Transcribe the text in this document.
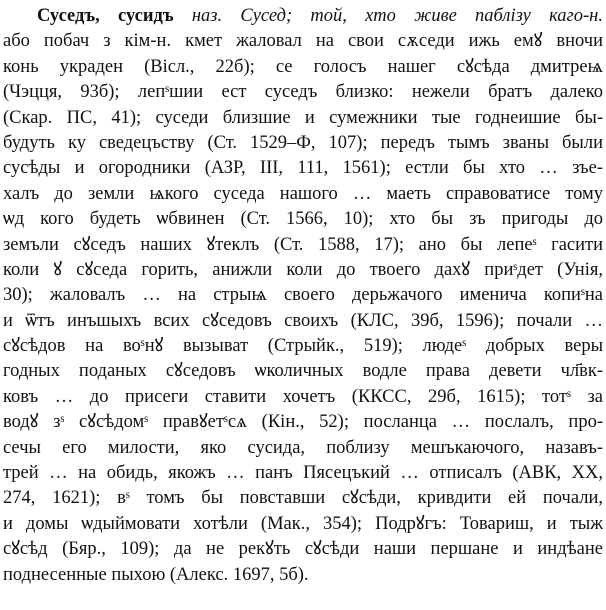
Суседъ, сусидъ наз. Сусед; той, хто живе паблізу каго-н.
або побач з кім-н. кмет жаловал на свои сѫседи ижь емꙋ вночи
конь украден (Вісл., 22б); се голосъ нашег сꙋсѣда дмитреѩ
(Чэцця, 93б); лепˢшии ест суседъ близко: нежели братъ далеко
(Скар. ПС, 41); суседи близшие и сумежники тые годнеишие бы-
будуть ку сведецъству (Ст. 1529–Ф, 107); передъ тымъ званы были
сусѣды и огородники (АЗР, III, 111, 1561); естли бы хто … зъе-
халъ до земли ѩкого суседа нашого … маеть справоватисе тому
ѡд кого будеть ѡбвинен (Ст. 1566, 10); хто бы зъ пригоды до
земъли сꙋседъ наших ꙋтеклъ (Ст. 1588, 17); ано бы лепеˢ гасити
коли ꙋ сꙋседа горить, анижли коли до твоего дахꙋ приˢдет (Унія,
30); жаловалъ … на стрыѩ своего дерьжачого именича копиˢна
и ѿтъ инъшыхъ всих сꙋседовъ своихъ (КЛС, 39б, 1596); почали …
сꙋсѣдов на воˢнꙋ вызыват (Стрыйк., 519); людеˢ добрых веры
годных поданых сꙋседовъ ѡколичных водле права девети чл҃вк-
ковъ … до присеги ставити хочетъ (ККСС, 29б, 1615); тотˢ за
водꙋ зˢ сꙋсѣдомˢ правꙋетˢсѧ (Кін., 52); посланца … послалъ, про-
сечы его милости, яко сусида, поблизу мешъкаючого, назавъ-
трей … на обидь, якожъ … панъ Пясецъкий … отписалъ (АВК, XX,
274, 1621); вˢ томъ бы повставши сꙋсѣди, кривдити ей почали,
и домы ѡдыймовати хотѣли (Мак., 354); Подрꙋгъ: Товариш, и тыж
сꙋсѣд (Бяр., 109); да не рекꙋть сꙋсѣди наши першане и индѣане
поднесенные пыхою (Алекс. 1697, 5б).
